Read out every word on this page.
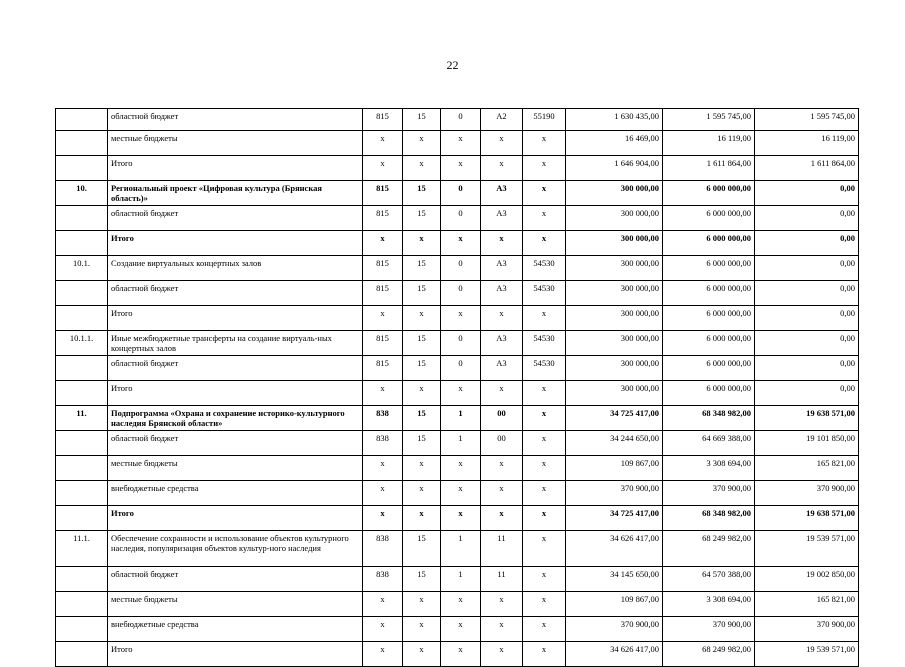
22
	областной бюджет	815	15	0	А2	55190	1 630 435,00	1 595 745,00	1 595 745,00
	местные бюджеты	x	x	x	x	x	16 469,00	16 119,00	16 119,00
	Итого	x	x	x	x	x	1 646 904,00	1 611 864,00	1 611 864,00
10.	Региональный проект «Цифровая культура (Брянская область)»	815	15	0	А3	x	300 000,00	6 000 000,00	0,00
	областной бюджет	815	15	0	А3	x	300 000,00	6 000 000,00	0,00
	Итого	x	x	x	x	x	300 000,00	6 000 000,00	0,00
10.1.	Создание виртуальных концертных залов	815	15	0	А3	54530	300 000,00	6 000 000,00	0,00
	областной бюджет	815	15	0	А3	54530	300 000,00	6 000 000,00	0,00
	Итого	x	x	x	x	x	300 000,00	6 000 000,00	0,00
10.1.1.	Иные межбюджетные трансферты на создание виртуаль-ных концертных залов	815	15	0	А3	54530	300 000,00	6 000 000,00	0,00
	областной бюджет	815	15	0	А3	54530	300 000,00	6 000 000,00	0,00
	Итого	x	x	x	x	x	300 000,00	6 000 000,00	0,00
11.	Подпрограмма «Охрана и сохранение историко-культурного наследия Брянской области»	838	15	1	00	x	34 725 417,00	68 348 982,00	19 638 571,00
	областной бюджет	838	15	1	00	x	34 244 650,00	64 669 388,00	19 101 850,00
	местные бюджеты	x	x	x	x	x	109 867,00	3 308 694,00	165 821,00
	внебюджетные средства	x	x	x	x	x	370 900,00	370 900,00	370 900,00
	Итого	x	x	x	x	x	34 725 417,00	68 348 982,00	19 638 571,00
11.1.	Обеспечение сохранности и использование объектов культурного наследия, популяризация объектов культур-ного наследия	838	15	1	11	x	34 626 417,00	68 249 982,00	19 539 571,00
	областной бюджет	838	15	1	11	x	34 145 650,00	64 570 388,00	19 002 850,00
	местные бюджеты	x	x	x	x	x	109 867,00	3 308 694,00	165 821,00
	внебюджетные средства	x	x	x	x	x	370 900,00	370 900,00	370 900,00
	Итого	x	x	x	x	x	34 626 417,00	68 249 982,00	19 539 571,00
